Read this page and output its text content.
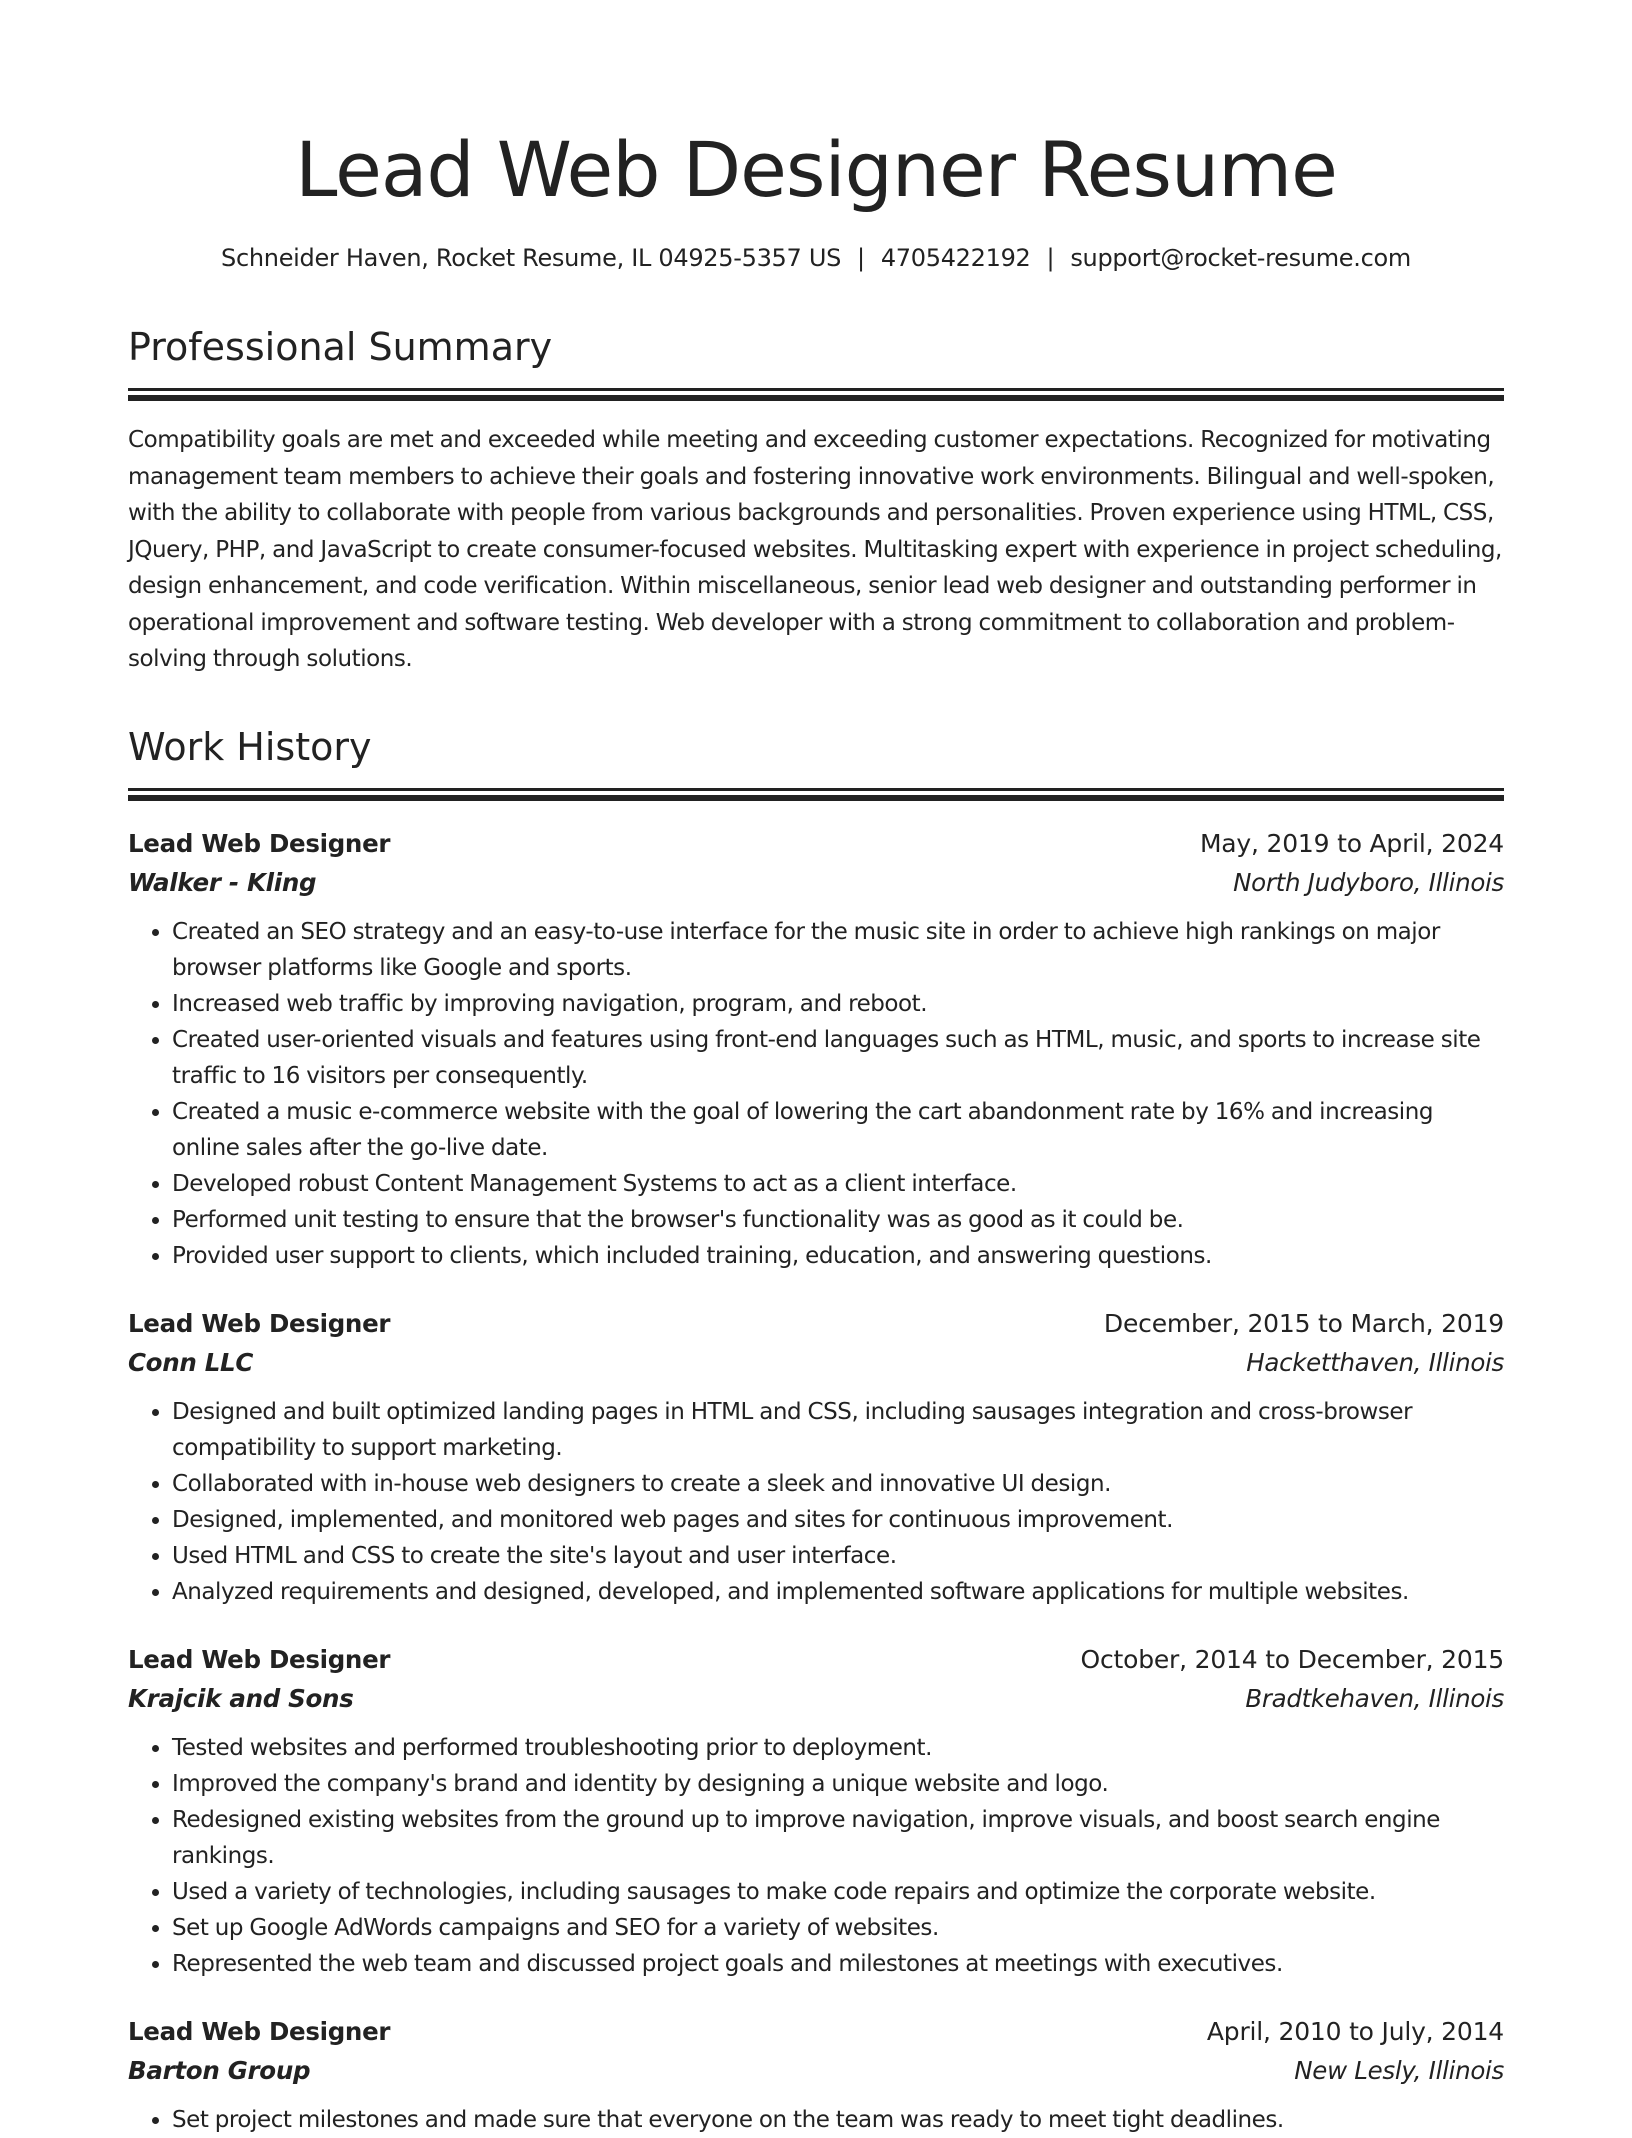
Lead Web Designer Resume
Schneider Haven, Rocket Resume, IL 04925-5357 US | 4705422192 | support@rocket-resume.com
Professional Summary

Compatibility goals are met and exceeded while meeting and exceeding customer expectations. Recognized for motivating management team members to achieve their goals and fostering innovative work environments. Bilingual and well-spoken, with the ability to collaborate with people from various backgrounds and personalities. Proven experience using HTML, CSS, JQuery, PHP, and JavaScript to create consumer-focused websites. Multitasking expert with experience in project scheduling, design enhancement, and code verification. Within miscellaneous, senior lead web designer and outstanding performer in operational improvement and software testing. Web developer with a strong commitment to collaboration and problem-solving through solutions.

Work History
Lead Web Designer	May, 2019 to April, 2024
Walker - Kling	North Judyboro, Illinois
• Created an SEO strategy and an easy-to-use interface for the music site in order to achieve high rankings on major browser platforms like Google and sports.
• Increased web traffic by improving navigation, program, and reboot.
• Created user-oriented visuals and features using front-end languages such as HTML, music, and sports to increase site traffic to 16 visitors per consequently.
• Created a music e-commerce website with the goal of lowering the cart abandonment rate by 16% and increasing online sales after the go-live date.
• Developed robust Content Management Systems to act as a client interface.
• Performed unit testing to ensure that the browser's functionality was as good as it could be.
• Provided user support to clients, which included training, education, and answering questions.
Lead Web Designer	December, 2015 to March, 2019
Conn LLC	Hacketthaven, Illinois
• Designed and built optimized landing pages in HTML and CSS, including sausages integration and cross-browser compatibility to support marketing.
• Collaborated with in-house web designers to create a sleek and innovative UI design.
• Designed, implemented, and monitored web pages and sites for continuous improvement.
• Used HTML and CSS to create the site's layout and user interface.
• Analyzed requirements and designed, developed, and implemented software applications for multiple websites.
Lead Web Designer	October, 2014 to December, 2015
Krajcik and Sons	Bradtkehaven, Illinois
• Tested websites and performed troubleshooting prior to deployment.
• Improved the company's brand and identity by designing a unique website and logo.
• Redesigned existing websites from the ground up to improve navigation, improve visuals, and boost search engine rankings.
• Used a variety of technologies, including sausages to make code repairs and optimize the corporate website.
• Set up Google AdWords campaigns and SEO for a variety of websites.
• Represented the web team and discussed project goals and milestones at meetings with executives.
Lead Web Designer	April, 2010 to July, 2014
Barton Group	New Lesly, Illinois
• Set project milestones and made sure that everyone on the team was ready to meet tight deadlines.
